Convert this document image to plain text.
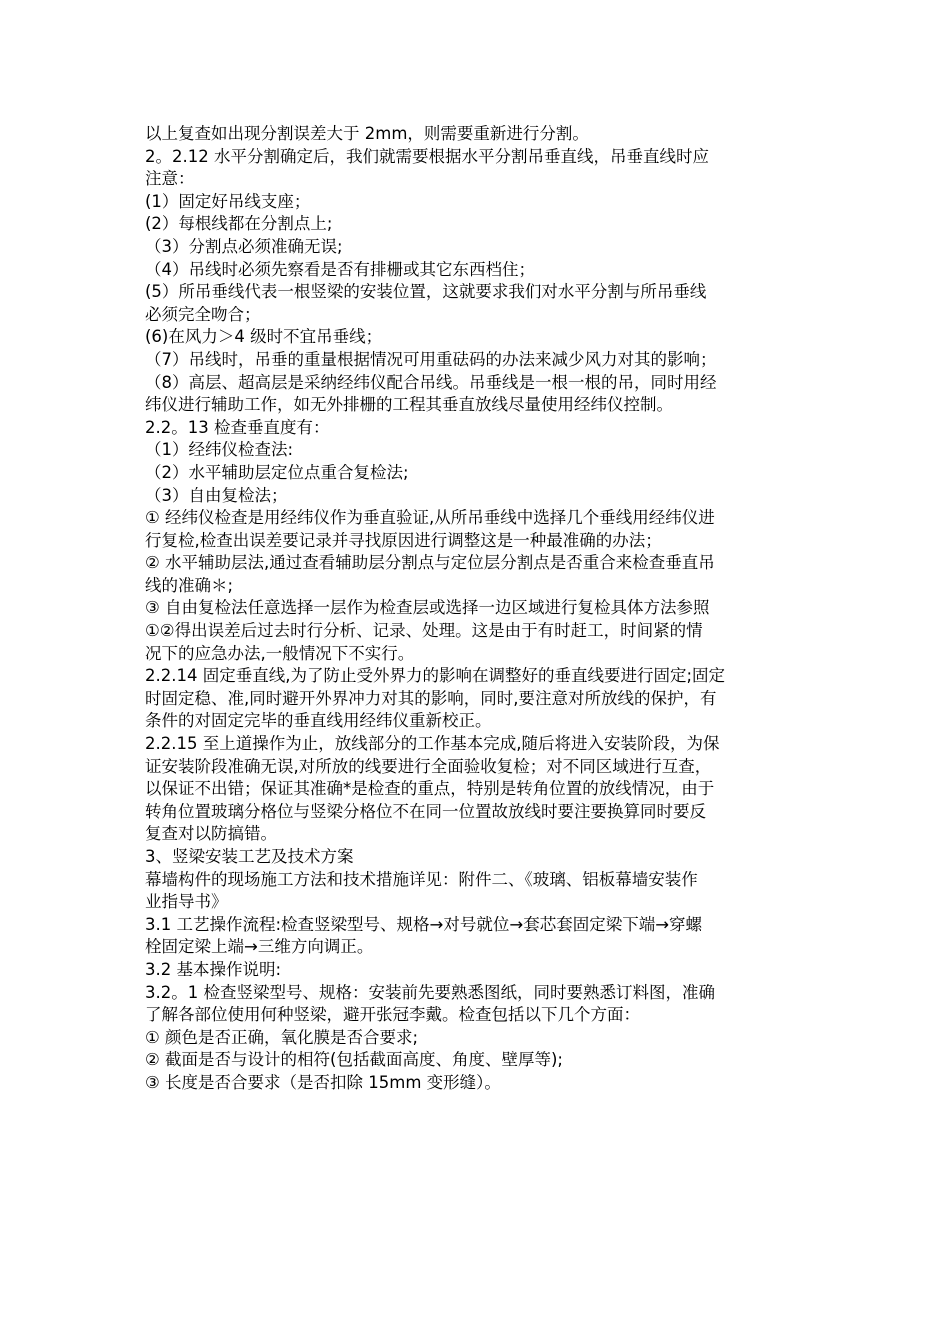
以上复查如出现分割误差大于 2mm，则需要重新进行分割。
2。2.12 水平分割确定后，我们就需要根据水平分割吊垂直线，吊垂直线时应
注意：
(1）固定好吊线支座；
(2）每根线都在分割点上;
（3）分割点必须准确无误;
（4）吊线时必须先察看是否有排栅或其它东西档住；
(5）所吊垂线代表一根竖梁的安装位置，这就要求我们对水平分割与所吊垂线
必须完全吻合；
(6)在风力＞4 级时不宜吊垂线；
（7）吊线时，吊垂的重量根据情况可用重砝码的办法来减少风力对其的影响；
（8）高层、超高层是采纳经纬仪配合吊线。吊垂线是一根一根的吊，同时用经
纬仪进行辅助工作，如无外排栅的工程其垂直放线尽量使用经纬仪控制。
2.2。13 检查垂直度有：
（1）经纬仪检查法:
（2）水平辅助层定位点重合复检法;
（3）自由复检法；
① 经纬仪检查是用经纬仪作为垂直验证,从所吊垂线中选择几个垂线用经纬仪进
行复检,检查出误差要记录并寻找原因进行调整这是一种最准确的办法；
② 水平辅助层法,通过查看辅助层分割点与定位层分割点是否重合来检查垂直吊
线的准确＊;
③ 自由复检法任意选择一层作为检查层或选择一边区域进行复检具体方法参照
①②得出误差后过去时行分析、记录、处理。这是由于有时赶工，时间紧的情
况下的应急办法,一般情况下不实行。
2.2.14 固定垂直线,为了防止受外界力的影响在调整好的垂直线要进行固定;固定
时固定稳、准,同时避开外界冲力对其的影响，同时,要注意对所放线的保护，有
条件的对固定完毕的垂直线用经纬仪重新校正。
2.2.15 至上道操作为止，放线部分的工作基本完成,随后将进入安装阶段，为保
证安装阶段准确无误,对所放的线要进行全面验收复检；对不同区域进行互查，
以保证不出错；保证其准确*是检查的重点，特别是转角位置的放线情况，由于
转角位置玻璃分格位与竖梁分格位不在同一位置故放线时要注要换算同时要反
复查对以防搞错。
3、竖梁安装工艺及技术方案
幕墙构件的现场施工方法和技术措施详见：附件二、《玻璃、铝板幕墙安装作
业指导书》
3.1 工艺操作流程:检查竖梁型号、规格→对号就位→套芯套固定梁下端→穿螺
栓固定梁上端→三维方向调正。
3.2 基本操作说明:
3.2。1 检查竖梁型号、规格：安装前先要熟悉图纸，同时要熟悉订料图，准确
了解各部位使用何种竖梁，避开张冠李戴。检查包括以下几个方面：
① 颜色是否正确，氧化膜是否合要求;
② 截面是否与设计的相符(包括截面高度、角度、壁厚等);
③ 长度是否合要求（是否扣除 15mm 变形缝）。
